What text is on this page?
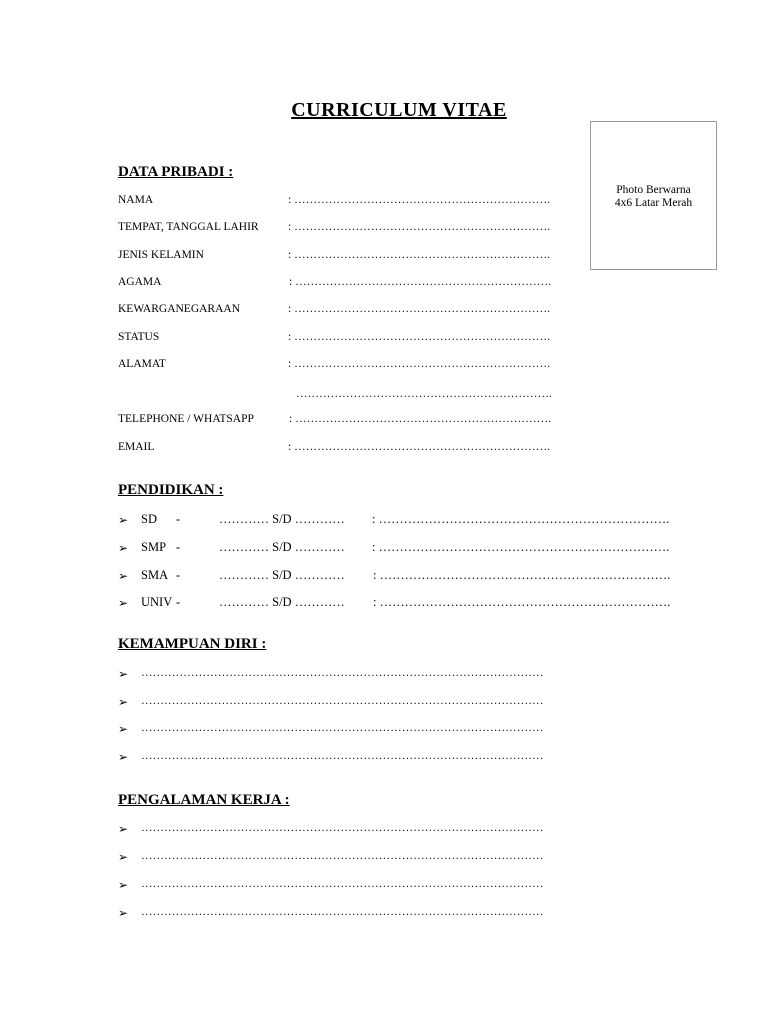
CURRICULUM VITAE
Photo Berwarna
4x6 Latar Merah
DATA PRIBADI :
NAMA	: ………………………………………………………….
TEMPAT, TANGGAL LAHIR	: ………………………………………………………….
JENIS KELAMIN	: ………………………………………………………….
AGAMA	: ………………………………………………………….
KEWARGANEGARAAN	: ………………………………………………………….
STATUS	: ………………………………………………………….
ALAMAT	: ………………………………………………………….
………………………………………………………….
TELEPHONE / WHATSAPP	: ………………………………………………………….
EMAIL	: ………………………………………………………….
PENDIDIKAN :
➢ SD -	………… S/D ………… : …………………………………………………………….
➢ SMP -	………… S/D ………… : …………………………………………………………….
➢ SMA -	………… S/D ………… : …………………………………………………………….
➢ UNIV -	………… S/D ………… : …………………………………………………………….
KEMAMPUAN DIRI :
➢ ……………………………………………………………………………………………
➢ ……………………………………………………………………………………………
➢ ……………………………………………………………………………………………
➢ ……………………………………………………………………………………………
PENGALAMAN KERJA :
➢ ……………………………………………………………………………………………
➢ ……………………………………………………………………………………………
➢ ……………………………………………………………………………………………
➢ ……………………………………………………………………………………………
